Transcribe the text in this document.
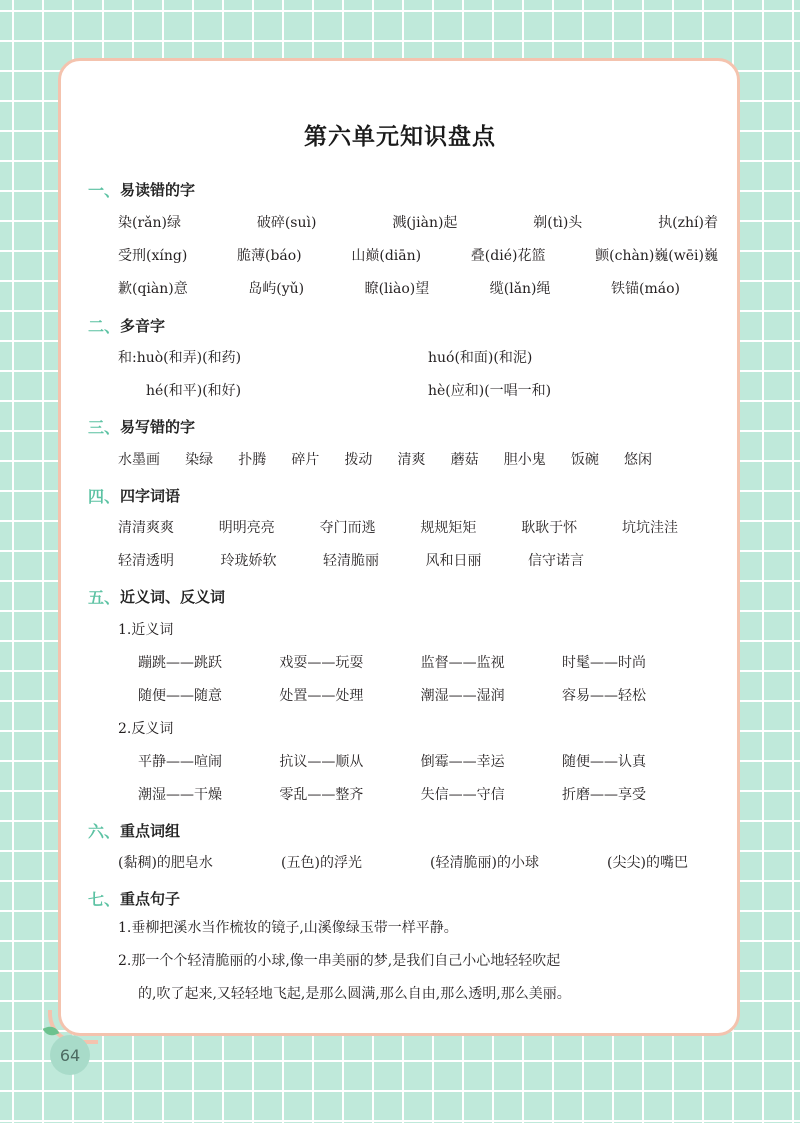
第六单元知识盘点
一、 易读错的字
染(rǎn)绿	破碎(suì)	溅(jiàn)起	剃(tì)头	执(zhí)着
受刑(xíng)	脆薄(báo)	山巅(diān)	叠(dié)花篮	颤(chàn)巍(wēi)巍
歉(qiàn)意	岛屿(yǔ)	瞭(liào)望	缆(lǎn)绳	铁锚(máo)
二、 多音字
和:huò(和弄)(和药)	huó(和面)(和泥)
hé(和平)(和好)	hè(应和)(一唱一和)
三、 易写错的字
水墨画 染绿 扑腾 碎片 拨动 清爽 蘑菇 胆小鬼 饭碗 悠闲
四、 四字词语
清清爽爽	明明亮亮	夺门而逃	规规矩矩	耿耿于怀	坑坑洼洼
轻清透明	玲珑娇软	轻清脆丽	风和日丽	信守诺言
五、 近义词、反义词
1.近义词
蹦跳——跳跃	戏耍——玩耍	监督——监视	时髦——时尚
随便——随意	处置——处理	潮湿——湿润	容易——轻松
2.反义词
平静——喧闹	抗议——顺从	倒霉——幸运	随便——认真
潮湿——干燥	零乱——整齐	失信——守信	折磨——享受
六、 重点词组
(黏稠)的肥皂水	(五色)的浮光	(轻清脆丽)的小球	(尖尖)的嘴巴
七、 重点句子
1.垂柳把溪水当作梳妆的镜子,山溪像绿玉带一样平静。
2.那一个个轻清脆丽的小球,像一串美丽的梦,是我们自己小心地轻轻吹起
的,吹了起来,又轻轻地飞起,是那么圆满,那么自由,那么透明,那么美丽。
64
